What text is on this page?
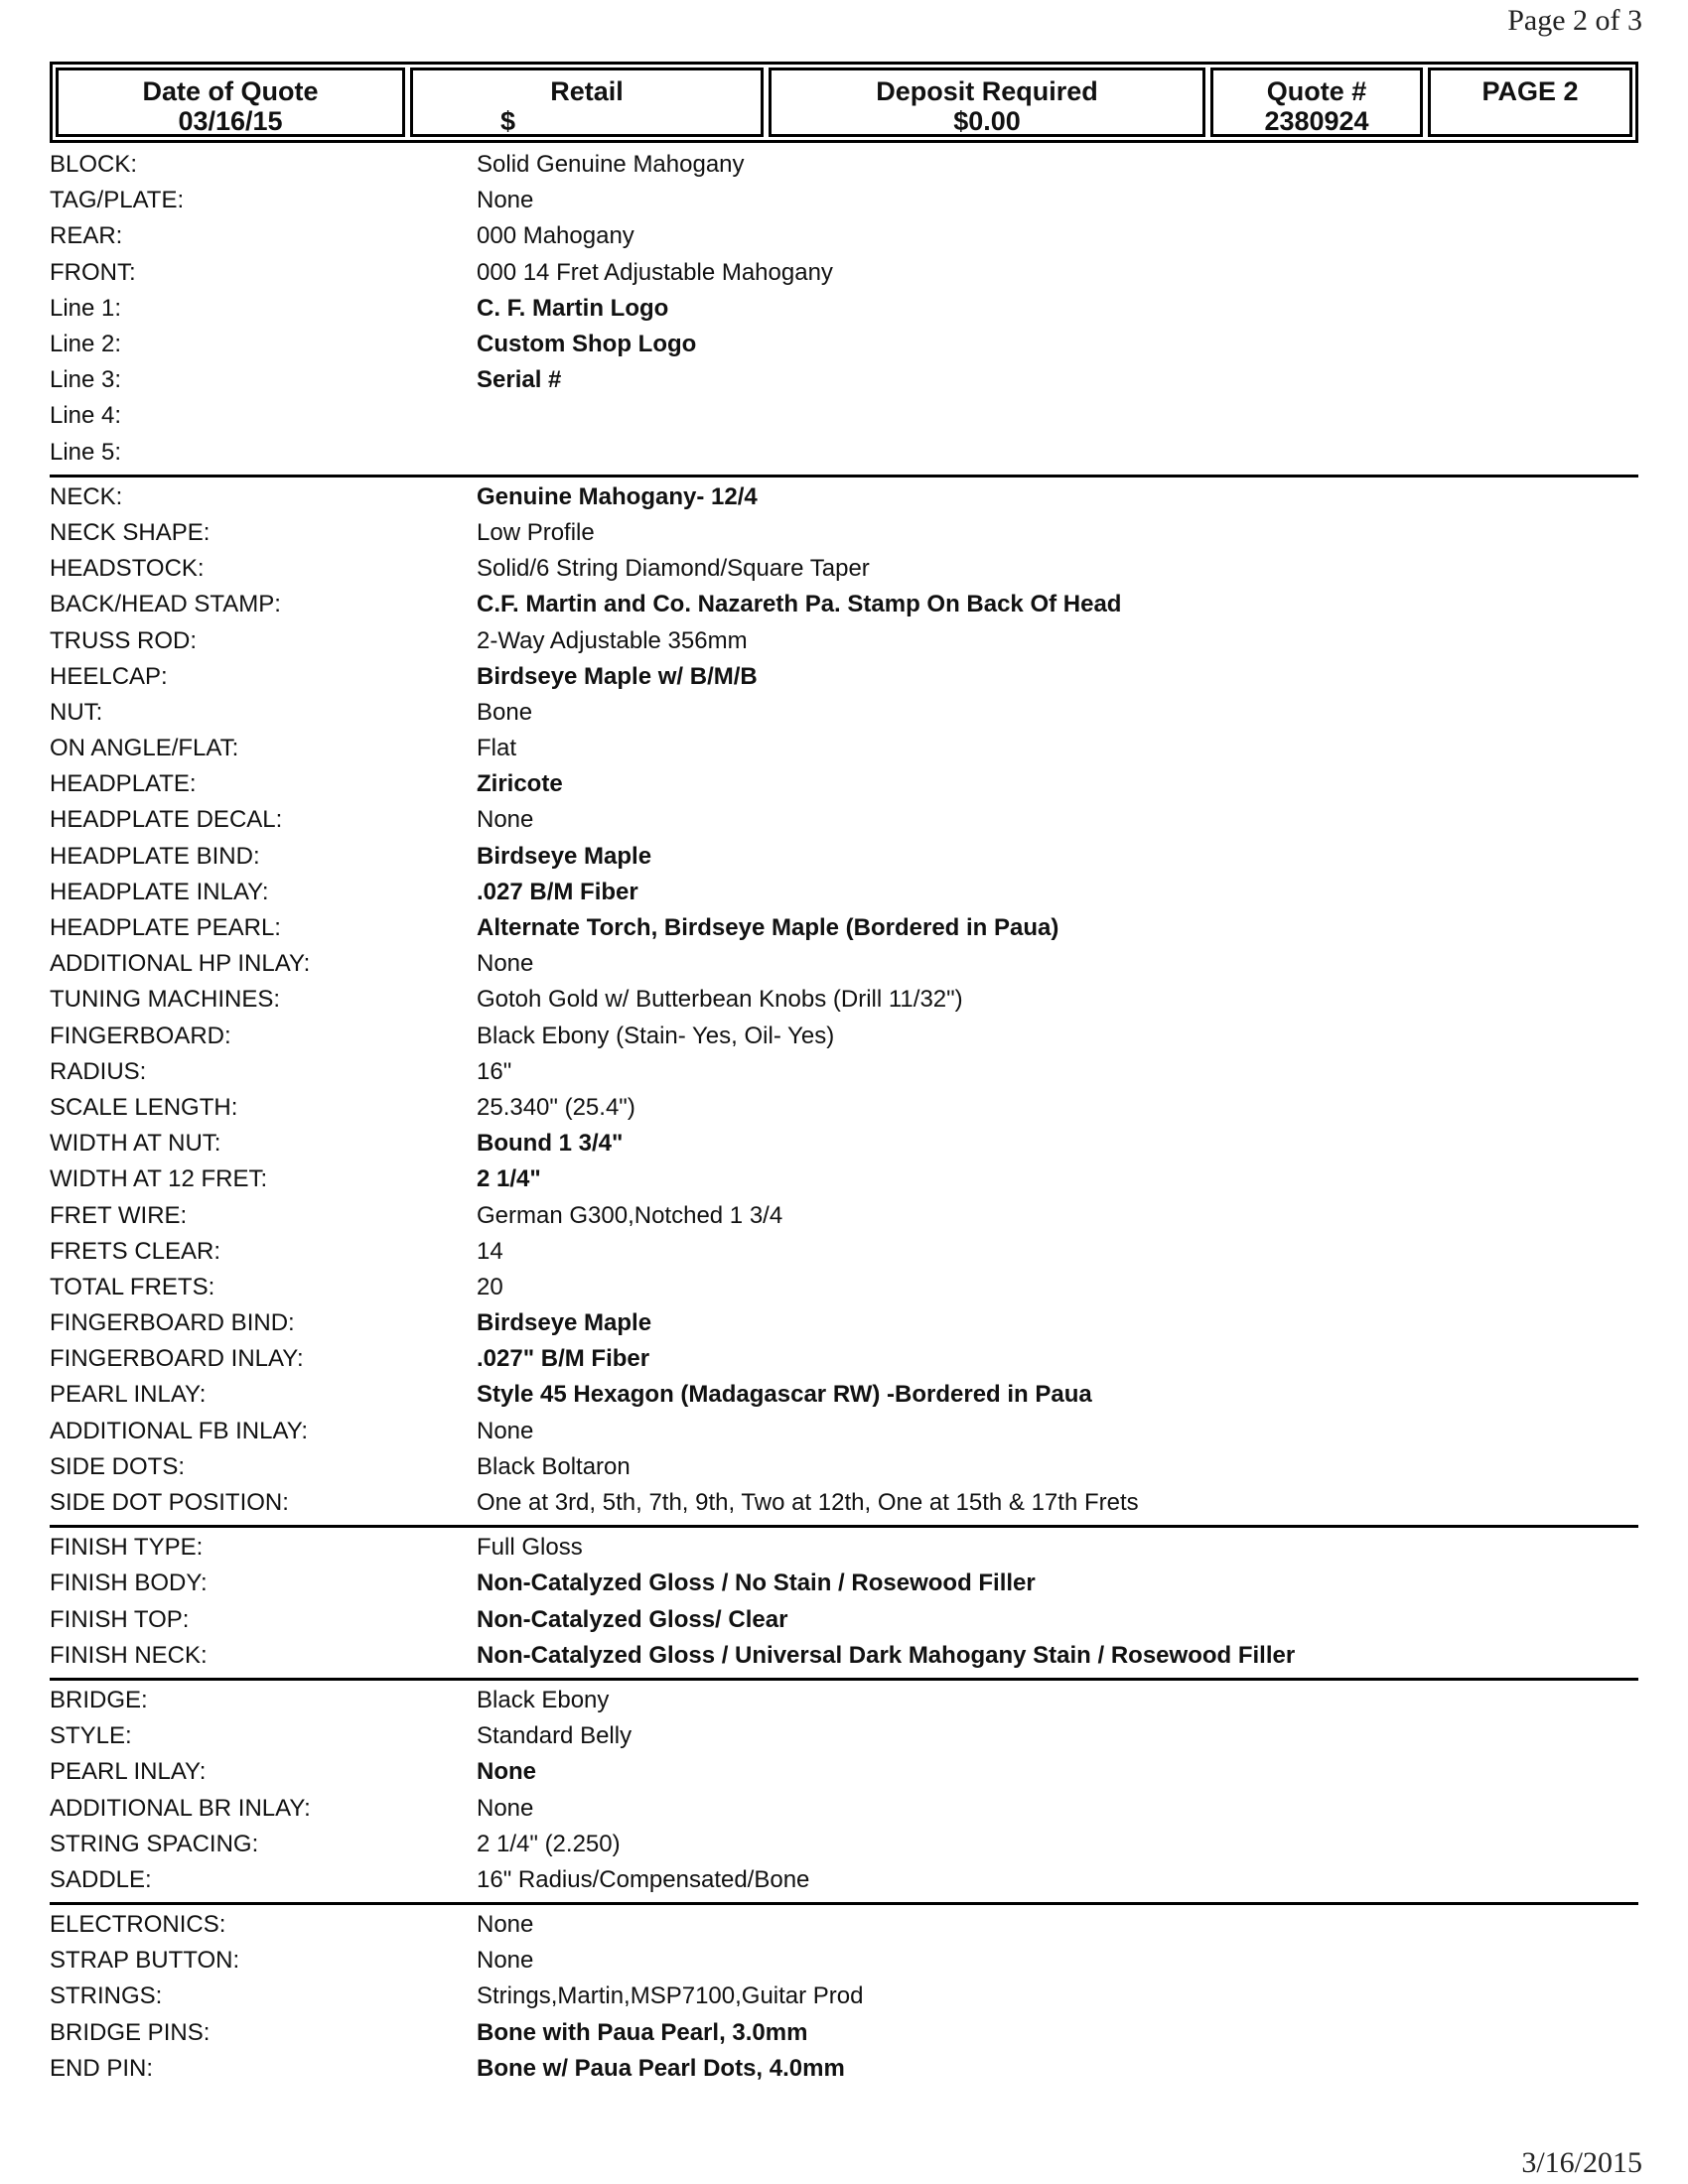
Page 2 of 3
Date of Quote
03/16/15
Retail
$
Deposit Required
$0.00
Quote #
2380924
PAGE 2
BLOCK:	Solid Genuine Mahogany
TAG/PLATE:	None
REAR:	000 Mahogany
FRONT:	000 14 Fret Adjustable Mahogany
Line 1:	C. F. Martin Logo
Line 2:	Custom Shop Logo
Line 3:	Serial #
Line 4:
Line 5:
NECK:	Genuine Mahogany- 12/4
NECK SHAPE:	Low Profile
HEADSTOCK:	Solid/6 String Diamond/Square Taper
BACK/HEAD STAMP:	C.F. Martin and Co. Nazareth Pa. Stamp On Back Of Head
TRUSS ROD:	2-Way Adjustable 356mm
HEELCAP:	Birdseye Maple w/ B/M/B
NUT:	Bone
ON ANGLE/FLAT:	Flat
HEADPLATE:	Ziricote
HEADPLATE DECAL:	None
HEADPLATE BIND:	Birdseye Maple
HEADPLATE INLAY:	.027 B/M Fiber
HEADPLATE PEARL:	Alternate Torch, Birdseye Maple (Bordered in Paua)
ADDITIONAL HP INLAY:	None
TUNING MACHINES:	Gotoh Gold w/ Butterbean Knobs (Drill 11/32")
FINGERBOARD:	Black Ebony (Stain- Yes, Oil- Yes)
RADIUS:	16"
SCALE LENGTH:	25.340" (25.4")
WIDTH AT NUT:	Bound 1 3/4"
WIDTH AT 12 FRET:	2 1/4"
FRET WIRE:	German G300,Notched 1 3/4
FRETS CLEAR:	14
TOTAL FRETS:	20
FINGERBOARD BIND:	Birdseye Maple
FINGERBOARD INLAY:	.027" B/M Fiber
PEARL INLAY:	Style 45 Hexagon (Madagascar RW) -Bordered in Paua
ADDITIONAL FB INLAY:	None
SIDE DOTS:	Black Boltaron
SIDE DOT POSITION:	One at 3rd, 5th, 7th, 9th, Two at 12th, One at 15th & 17th Frets
FINISH TYPE:	Full Gloss
FINISH BODY:	Non-Catalyzed Gloss / No Stain / Rosewood Filler
FINISH TOP:	Non-Catalyzed Gloss/ Clear
FINISH NECK:	Non-Catalyzed Gloss / Universal Dark Mahogany Stain / Rosewood Filler
BRIDGE:	Black Ebony
STYLE:	Standard Belly
PEARL INLAY:	None
ADDITIONAL BR INLAY:	None
STRING SPACING:	2 1/4" (2.250)
SADDLE:	16" Radius/Compensated/Bone
ELECTRONICS:	None
STRAP BUTTON:	None
STRINGS:	Strings,Martin,MSP7100,Guitar Prod
BRIDGE PINS:	Bone with Paua Pearl, 3.0mm
END PIN:	Bone w/ Paua Pearl Dots, 4.0mm
3/16/2015
